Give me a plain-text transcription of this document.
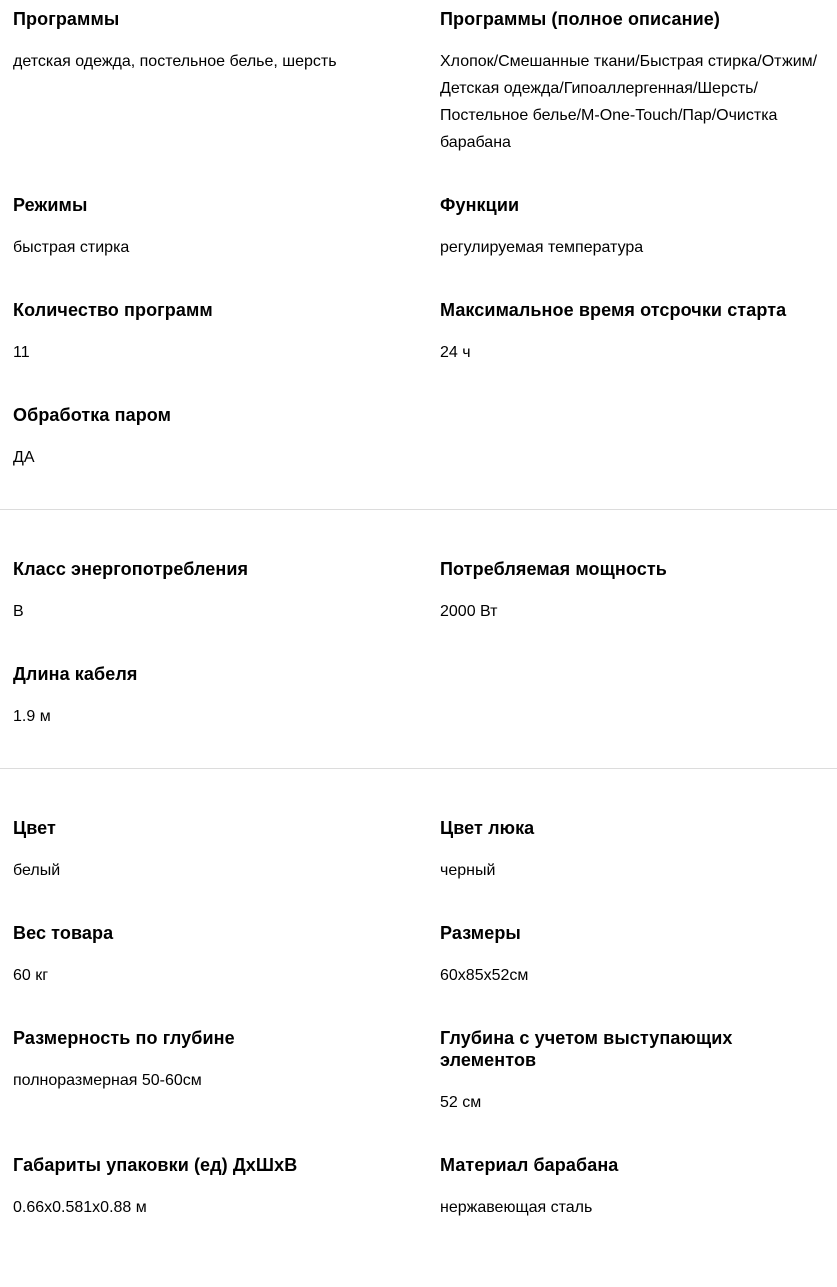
Программы
детская одежда, постельное белье, шерсть
Программы (полное описание)
Хлопок/Смешанные ткани/Быстрая стирка/Отжим/Детская одежда/Гипоаллергенная/Шерсть/Постельное белье/M-One-Touch/Пар/Очистка барабана
Режимы
быстрая стирка
Функции
регулируемая температура
Количество программ
11
Максимальное время отсрочки старта
24 ч
Обработка паром
ДА
Класс энергопотребления
B
Потребляемая мощность
2000 Вт
Длина кабеля
1.9 м
Цвет
белый
Цвет люка
черный
Вес товара
60 кг
Размеры
60x85x52см
Размерность по глубине
полноразмерная 50-60см
Глубина с учетом выступающих элементов
52 см
Габариты упаковки (ед) ДхШхВ
0.66x0.581x0.88 м
Материал барабана
нержавеющая сталь
